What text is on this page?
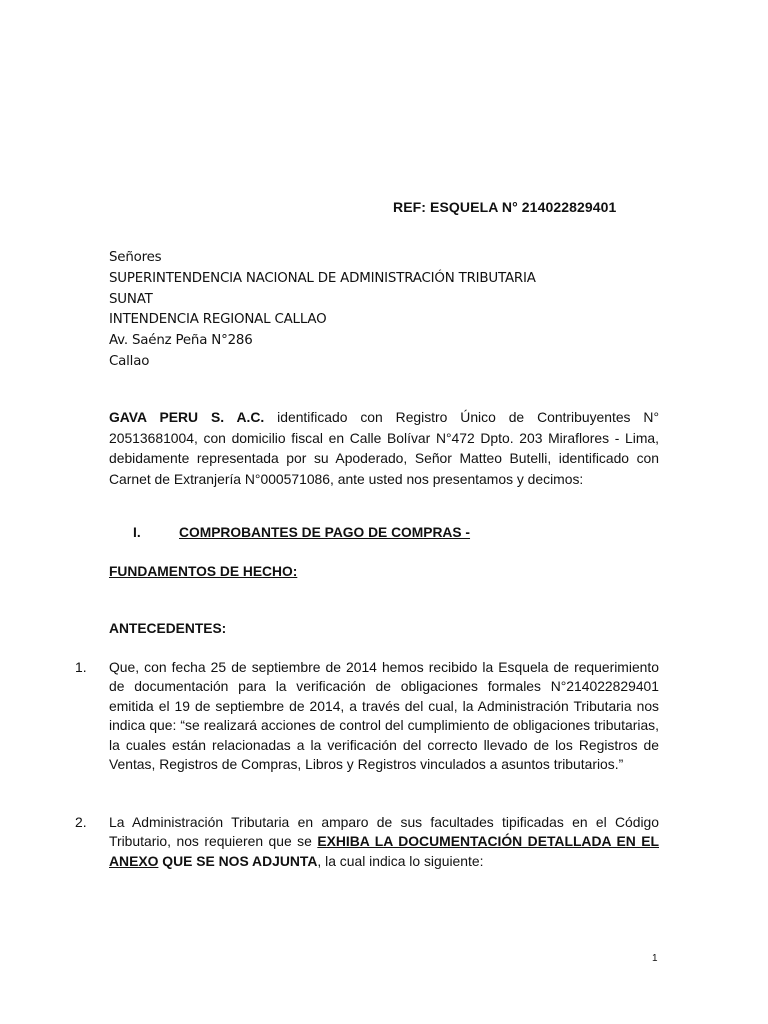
REF: ESQUELA N° 214022829401
Señores
SUPERINTENDENCIA NACIONAL DE ADMINISTRACIÓN TRIBUTARIA
SUNAT
INTENDENCIA REGIONAL CALLAO
Av. Saénz Peña N°286
Callao
GAVA PERU S. A.C. identificado con Registro Único de Contribuyentes N° 20513681004, con domicilio fiscal en Calle Bolívar N°472 Dpto. 203 Miraflores - Lima, debidamente representada por su Apoderado, Señor Matteo Butelli, identificado con Carnet de Extranjería N°000571086, ante usted nos presentamos y decimos:
I.	COMPROBANTES DE PAGO DE COMPRAS -
FUNDAMENTOS DE HECHO:
ANTECEDENTES:
1. Que, con fecha 25 de septiembre de 2014 hemos recibido la Esquela de requerimiento de documentación para la verificación de obligaciones formales N°214022829401 emitida el 19 de septiembre de 2014, a través del cual, la Administración Tributaria nos indica que: “se realizará acciones de control del cumplimiento de obligaciones tributarias, la cuales están relacionadas a la verificación del correcto llevado de los Registros de Ventas, Registros de Compras, Libros y Registros vinculados a asuntos tributarios.”
2. La Administración Tributaria en amparo de sus facultades tipificadas en el Código Tributario, nos requieren que se EXHIBA LA DOCUMENTACIÓN DETALLADA EN EL ANEXO QUE SE NOS ADJUNTA, la cual indica lo siguiente:
1
